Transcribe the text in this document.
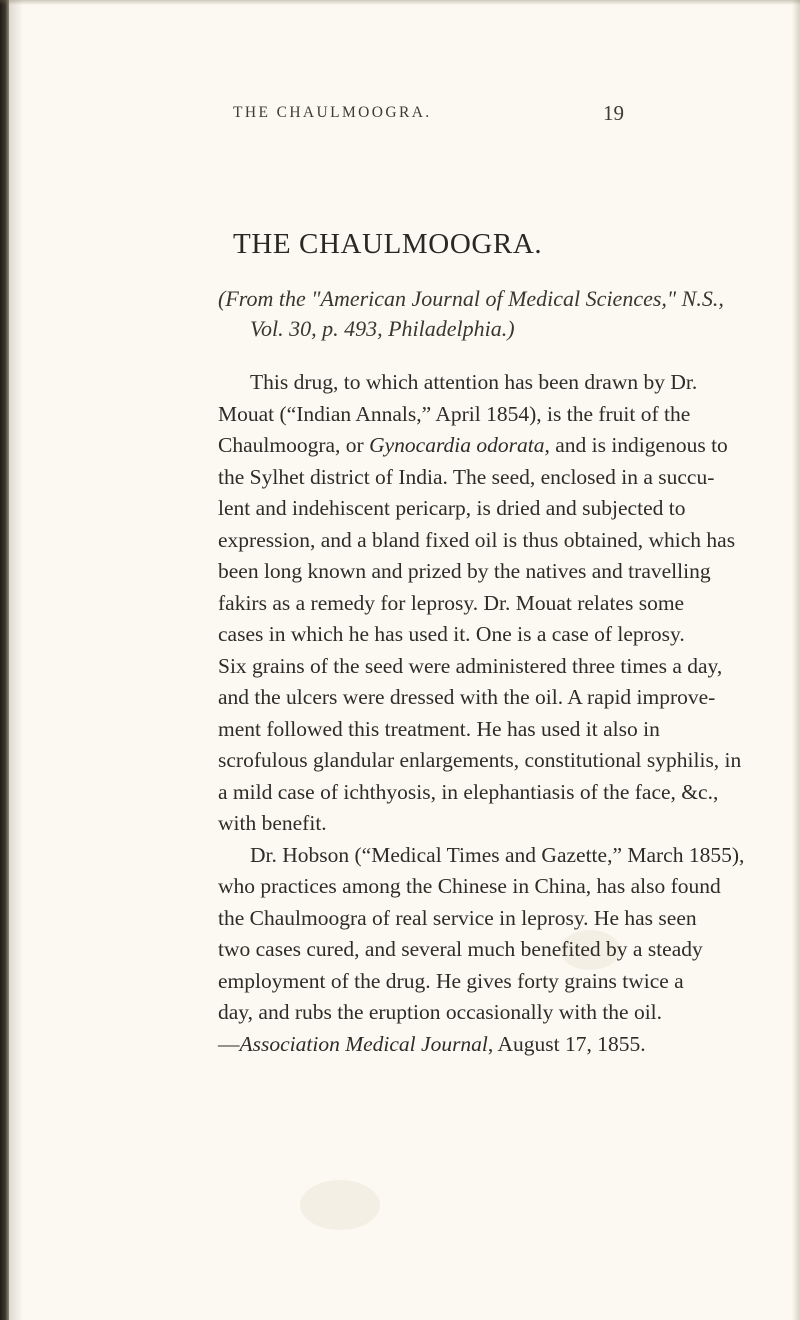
THE CHAULMOOGRA.	19
THE CHAULMOOGRA.
(From the "American Journal of Medical Sciences," N.S.,
Vol. 30, p. 493, Philadelphia.)
This drug, to which attention has been drawn by Dr.
Mouat (“Indian Annals,” April 1854), is the fruit of the
Chaulmoogra, or Gynocardia odorata, and is indigenous to
the Sylhet district of India. The seed, enclosed in a succu-
lent and indehiscent pericarp, is dried and subjected to
expression, and a bland fixed oil is thus obtained, which has
been long known and prized by the natives and travelling
fakirs as a remedy for leprosy. Dr. Mouat relates some
cases in which he has used it. One is a case of leprosy.
Six grains of the seed were administered three times a day,
and the ulcers were dressed with the oil. A rapid improve-
ment followed this treatment. He has used it also in
scrofulous glandular enlargements, constitutional syphilis, in
a mild case of ichthyosis, in elephantiasis of the face, &c.,
with benefit.
Dr. Hobson (“Medical Times and Gazette,” March 1855),
who practices among the Chinese in China, has also found
the Chaulmoogra of real service in leprosy. He has seen
two cases cured, and several much benefited by a steady
employment of the drug. He gives forty grains twice a
day, and rubs the eruption occasionally with the oil.
—Association Medical Journal, August 17, 1855.
